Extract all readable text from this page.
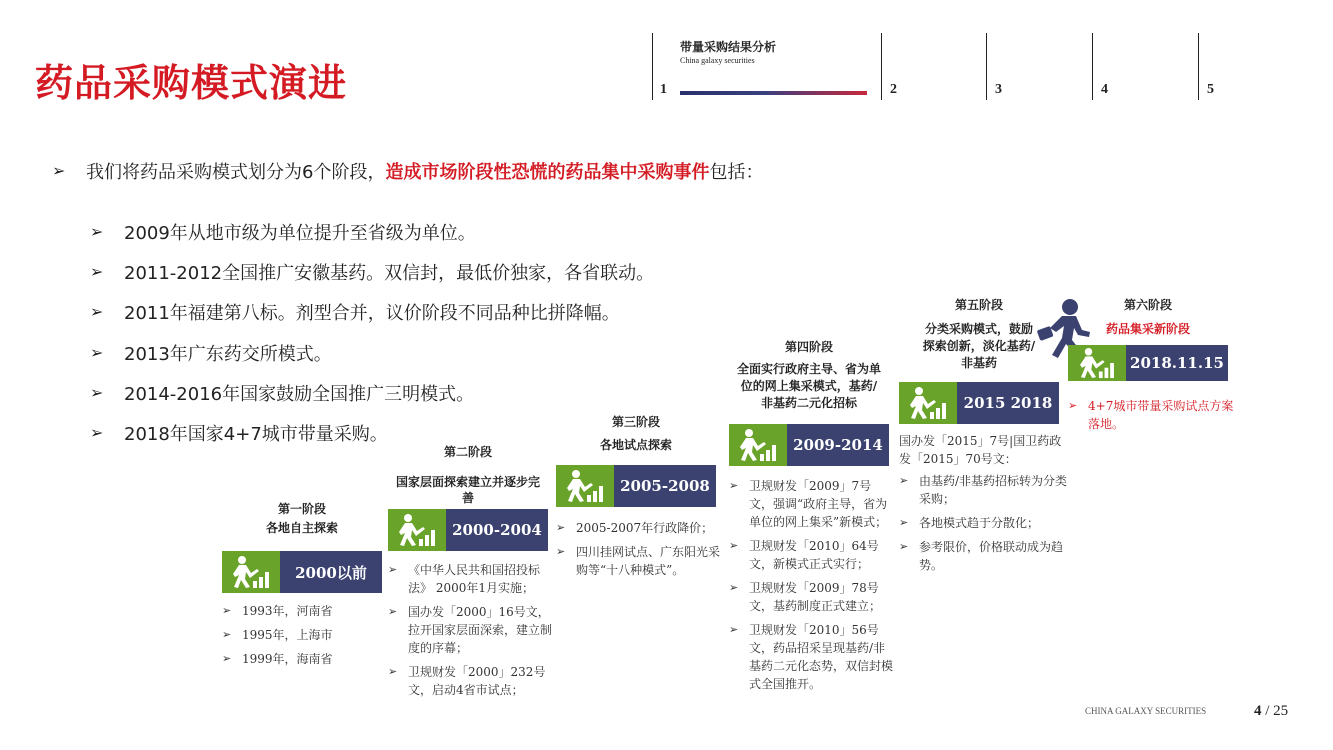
药品采购模式演进
带量采购结果分析
China galaxy securities
1	2	3	4	5
➢ 我们将药品采购模式划分为6个阶段，造成市场阶段性恐慌的药品集中采购事件包括：
➢ 2009年从地市级为单位提升至省级为单位。
➢ 2011-2012全国推广安徽基药。双信封，最低价独家，各省联动。
➢ 2011年福建第八标。剂型合并，议价阶段不同品种比拼降幅。
➢ 2013年广东药交所模式。
➢ 2014-2016年国家鼓励全国推广三明模式。
➢ 2018年国家4+7城市带量采购。
第一阶段
各地自主探索
2000以前
➢ 1993年，河南省
➢ 1995年，上海市
➢ 1999年，海南省
第二阶段
国家层面探索建立并逐步完善
2000-2004
➢ 《中华人民共和国招投标法》 2000年1月实施；
➢ 国办发「2000」16号文，拉开国家层面深索，建立制度的序幕；
➢ 卫规财发「2000」232号文，启动4省市试点；
第三阶段
各地试点探索
2005-2008
➢ 2005-2007年行政降价；
➢ 四川挂网试点、广东阳光采购等“十八种模式”。
第四阶段
全面实行政府主导、省为单位的网上集采模式，基药/非基药二元化招标
2009-2014
➢ 卫规财发「2009」7号文，强调“政府主导，省为单位的网上集采”新模式；
➢ 卫规财发「2010」64号文，新模式正式实行；
➢ 卫规财发「2009」78号文，基药制度正式建立；
➢ 卫规财发「2010」56号文，药品招采呈现基药/非基药二元化态势，双信封模式全国推开。
第五阶段
分类采购模式，鼓励探索创新，淡化基药/非基药
2015 2018
国办发「2015」7号|国卫药政发「2015」70号文：
➢ 由基药/非基药招标转为分类采购；
➢ 各地模式趋于分散化；
➢ 参考限价，价格联动成为趋势。
第六阶段
药品集采新阶段
2018.11.15
➢ 4+7城市带量采购试点方案落地。
CHINA GALAXY SECURITIES	4 / 25
